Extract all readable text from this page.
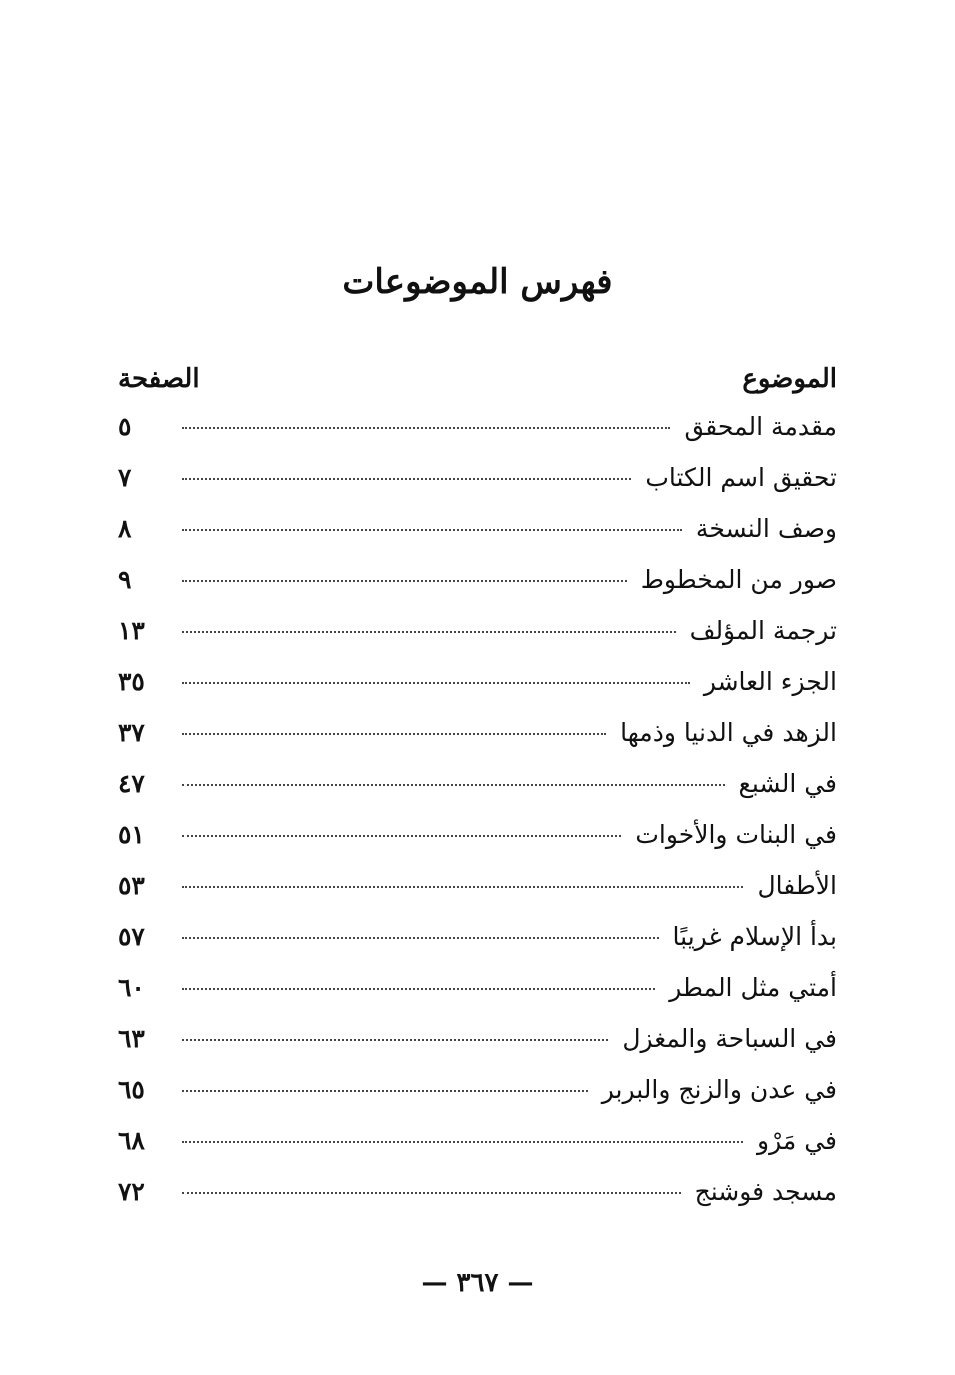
فهرس الموضوعات
الموضوع
الصفحة
مقدمة المحقق
٥
تحقيق اسم الكتاب
٧
وصف النسخة
٨
صور من المخطوط
٩
ترجمة المؤلف
١٣
الجزء العاشر
٣٥
الزهد في الدنيا وذمها
٣٧
في الشبع
٤٧
في البنات والأخوات
٥١
الأطفال
٥٣
بدأ الإسلام غريبًا
٥٧
أمتي مثل المطر
٦٠
في السباحة والمغزل
٦٣
في عدن والزنج والبربر
٦٥
في مَرْو
٦٨
مسجد فوشنج
٧٢
— ٣٦٧ —
